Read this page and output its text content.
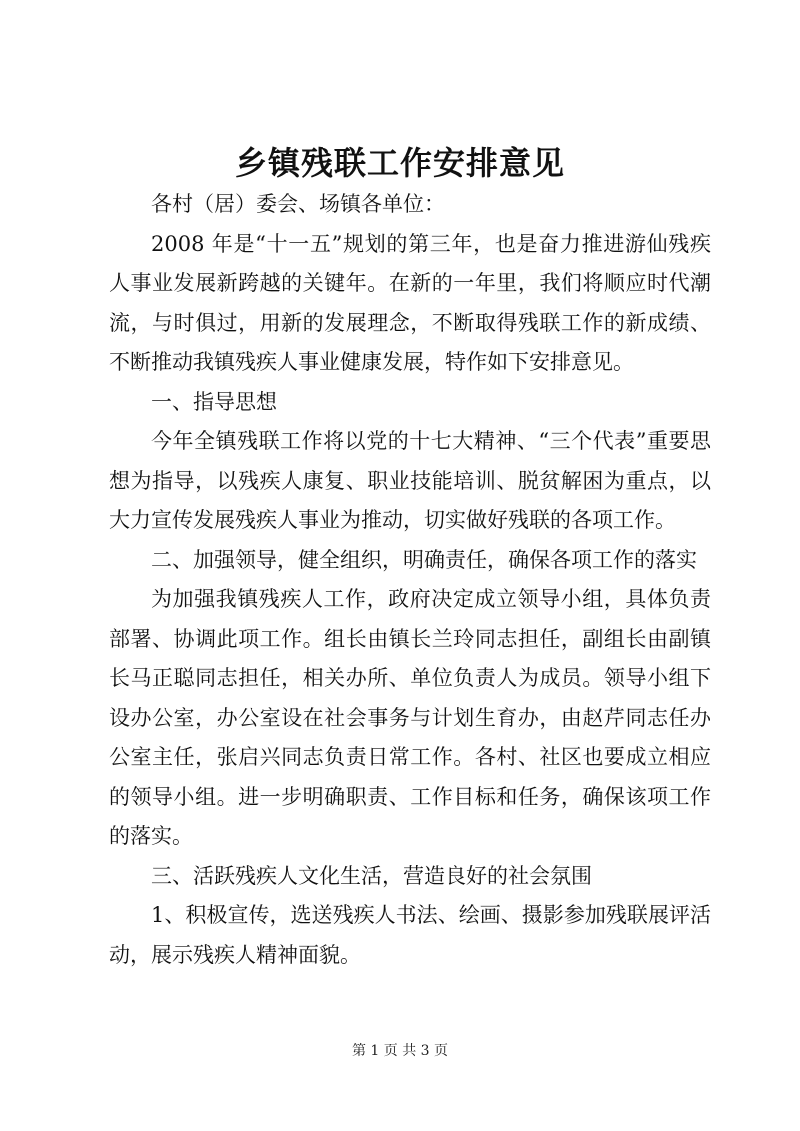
乡镇残联工作安排意见

各村（居）委会、场镇各单位：

2008 年是“十一五”规划的第三年，也是奋力推进游仙残疾人事业发展新跨越的关键年。在新的一年里，我们将顺应时代潮流，与时俱过，用新的发展理念，不断取得残联工作的新成绩、不断推动我镇残疾人事业健康发展，特作如下安排意见。

一、指导思想

今年全镇残联工作将以党的十七大精神、“三个代表”重要思想为指导，以残疾人康复、职业技能培训、脱贫解困为重点，以大力宣传发展残疾人事业为推动，切实做好残联的各项工作。

二、加强领导，健全组织，明确责任，确保各项工作的落实

为加强我镇残疾人工作，政府决定成立领导小组，具体负责部署、协调此项工作。组长由镇长兰玲同志担任，副组长由副镇长马正聪同志担任，相关办所、单位负责人为成员。领导小组下设办公室，办公室设在社会事务与计划生育办，由赵芹同志任办公室主任，张启兴同志负责日常工作。各村、社区也要成立相应的领导小组。进一步明确职责、工作目标和任务，确保该项工作的落实。

三、活跃残疾人文化生活，营造良好的社会氛围

1、积极宣传，选送残疾人书法、绘画、摄影参加残联展评活动，展示残疾人精神面貌。

第 1 页 共 3 页
